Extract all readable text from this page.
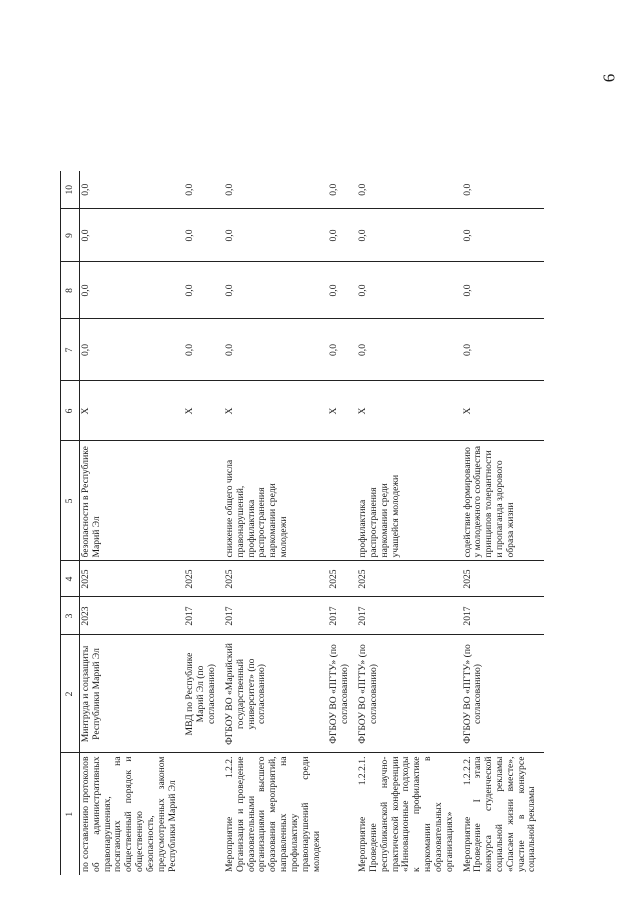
6
1	2	3	4	5	6	7	8	9	10
по составлению протоколов об административных правонарушениях, посягающих на общественный порядок и общественную безопасность, предусмотренных законом Республики Марий Эл	Минтруда и соцзащиты Республики Марий Эл	2023	2025	безопасности в Республике Марий Эл	X	0,0	0,0	0,0	0,0
	МВД по Республике Марий Эл (по согласованию)	2017	2025		X	0,0	0,0	0,0	0,0
Мероприятие 1.2.2. Организация и проведение образовательными организациями высшего образования мероприятий, направленных на профилактику правонарушений среди молодежи	ФГБОУ ВО «Марийский государственный университет» (по согласованию)	2017	2025	снижение общего числа правонарушений, профилактика распространения наркомании среди молодежи	X	0,0	0,0	0,0	0,0
	ФГБОУ ВО «ПГТУ» (по согласованию)	2017	2025		X	0,0	0,0	0,0	0,0
Мероприятие 1.2.2.1. Проведение республиканской научно-практической конференции «Инновационные подходы к профилактике наркомании в образовательных организациях»	ФГБОУ ВО «ПГТУ» (по согласованию)	2017	2025	профилактика распространения наркомании среди учащейся молодежи	X	0,0	0,0	0,0	0,0
Мероприятие 1.2.2.2. Проведение I этапа конкурса студенческой социальной рекламы «Спасаем жизни вместе», участие в конкурсе социальной рекламы	ФГБОУ ВО «ПГТУ» (по согласованию)	2017	2025	содействие формированию у молодежного сообщества принципов толерантности и пропаганда здорового образа жизни	X	0,0	0,0	0,0	0,0
